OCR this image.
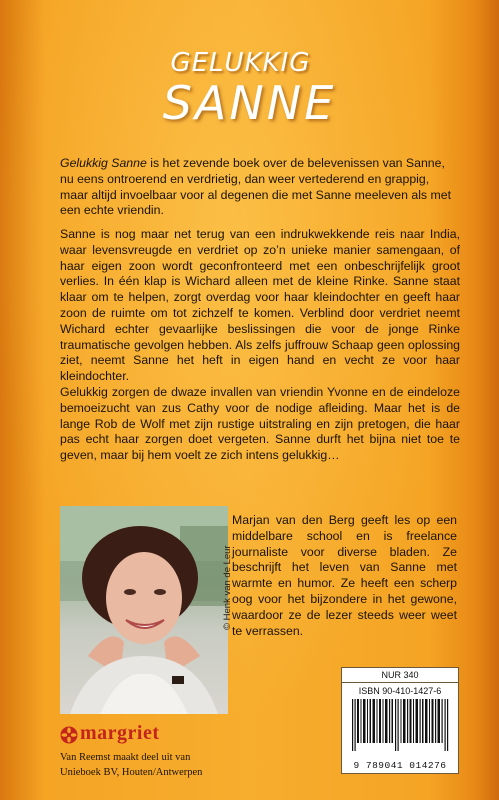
GELUKKIG
SANNE

Gelukkig Sanne is het zevende boek over de belevenissen van Sanne, nu eens ontroerend en verdrietig, dan weer vertederend en grappig, maar altijd invoelbaar voor al degenen die met Sanne meeleven als met een echte vriendin.

Sanne is nog maar net terug van een indrukwekkende reis naar India, waar levensvreugde en verdriet op zo’n unieke manier samengaan, of haar eigen zoon wordt geconfronteerd met een onbeschrijfelijk groot verlies. In één klap is Wichard alleen met de kleine Rinke. Sanne staat klaar om te helpen, zorgt overdag voor haar kleindochter en geeft haar zoon de ruimte om tot zichzelf te komen. Verblind door verdriet neemt Wichard echter gevaarlijke beslissingen die voor de jonge Rinke traumatische gevolgen hebben. Als zelfs juffrouw Schaap geen oplossing ziet, neemt Sanne het heft in eigen hand en vecht ze voor haar kleindochter.
Gelukkig zorgen de dwaze invallen van vriendin Yvonne en de eindeloze bemoeizucht van zus Cathy voor de nodige afleiding. Maar het is de lange Rob de Wolf met zijn rustige uitstraling en zijn pretogen, die haar pas echt haar zorgen doet vergeten. Sanne durft het bijna niet toe te geven, maar bij hem voelt ze zich intens gelukkig…
© Henk van de Leur

Marjan van den Berg geeft les op een middelbare school en is freelance journaliste voor diverse bladen. Ze beschrijft het leven van Sanne met warmte en humor. Ze heeft een scherp oog voor het bijzondere in het gewone, waardoor ze de lezer steeds weer weet te verrassen.

NUR 340
ISBN 90-410-1427-6
9 789041 014276
margriet
Van Reemst maakt deel uit van
Unieboek BV, Houten/Antwerpen
